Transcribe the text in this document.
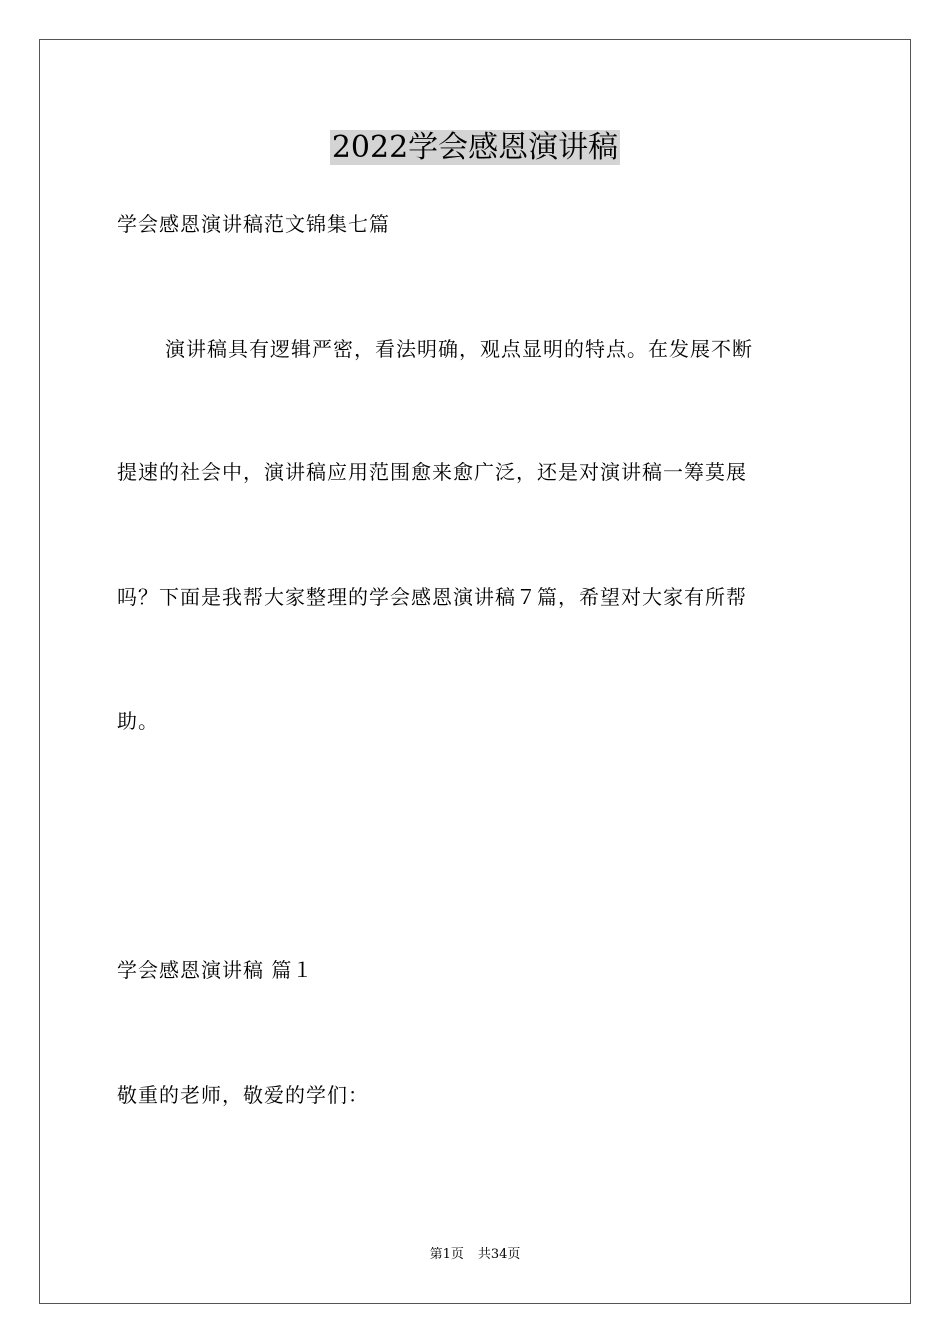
2022学会感恩演讲稿
学会感恩演讲稿范文锦集七篇
演讲稿具有逻辑严密，看法明确，观点显明的特点。在发展不断
提速的社会中，演讲稿应用范围愈来愈广泛，还是对演讲稿一筹莫展
吗？下面是我帮大家整理的学会感恩演讲稿７篇，希望对大家有所帮
助。
学会感恩演讲稿 篇１
敬重的老师，敬爱的学们：
第1页 共34页
